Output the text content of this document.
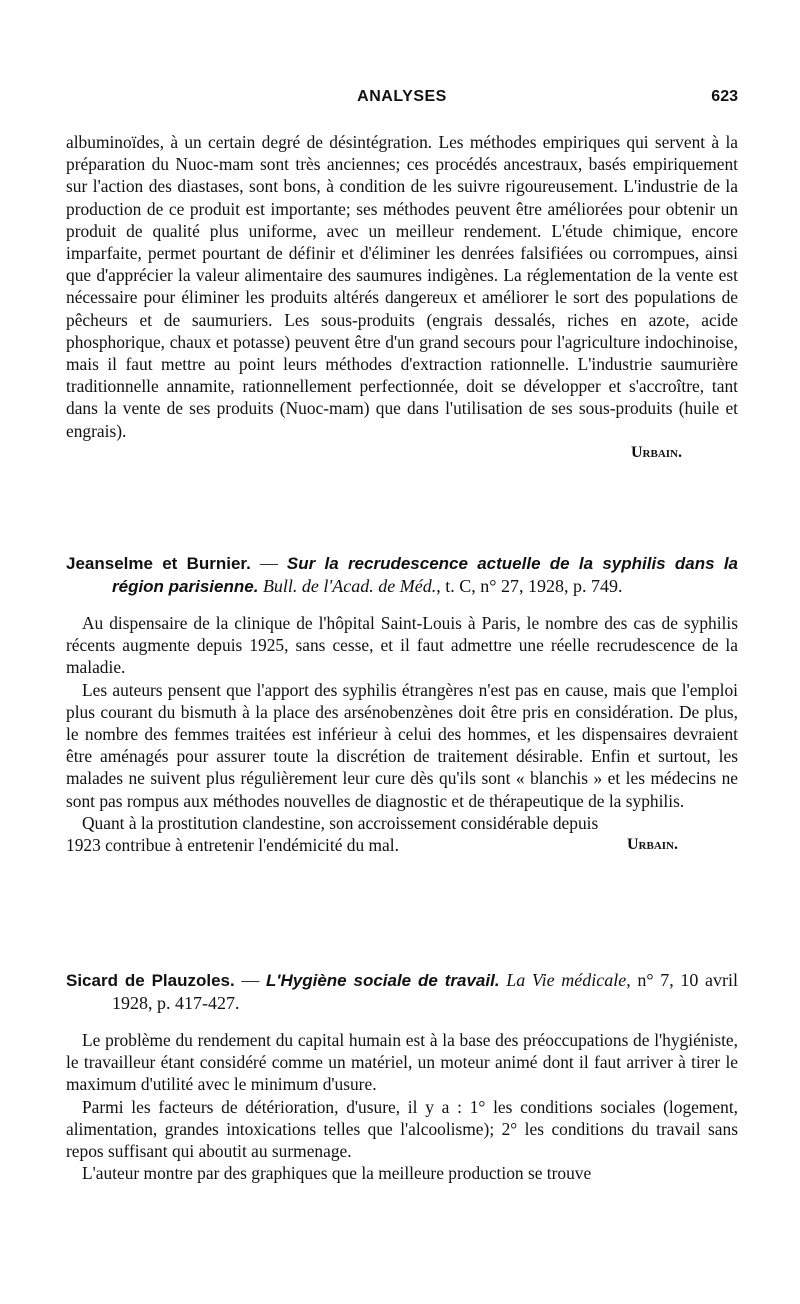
ANALYSES	623

albuminoïdes, à un certain degré de désintégration. Les méthodes empiriques qui servent à la préparation du Nuoc-mam sont très anciennes; ces procédés ancestraux, basés empiriquement sur l'action des diastases, sont bons, à condition de les suivre rigoureusement. L'industrie de la production de ce produit est importante; ses méthodes peuvent être améliorées pour obtenir un produit de qualité plus uniforme, avec un meilleur rendement. L'étude chimique, encore imparfaite, permet pourtant de définir et d'éliminer les denrées falsifiées ou corrompues, ainsi que d'apprécier la valeur alimentaire des saumures indigènes. La réglementation de la vente est nécessaire pour éliminer les produits altérés dangereux et améliorer le sort des populations de pêcheurs et de saumuriers. Les sous-produits (engrais dessalés, riches en azote, acide phosphorique, chaux et potasse) peuvent être d'un grand secours pour l'agriculture indochinoise, mais il faut mettre au point leurs méthodes d'extraction rationnelle. L'industrie saumurière traditionnelle annamite, rationnellement perfectionnée, doit se développer et s'accroître, tant dans la vente de ses produits (Nuoc-mam) que dans l'utilisation de ses sous-produits (huile et engrais).

Urbain.

Jeanselme et Burnier. — Sur la recrudescence actuelle de la syphilis dans la région parisienne. Bull. de l'Acad. de Méd., t. C, n° 27, 1928, p. 749.

Au dispensaire de la clinique de l'hôpital Saint-Louis à Paris, le nombre des cas de syphilis récents augmente depuis 1925, sans cesse, et il faut admettre une réelle recrudescence de la maladie.

Les auteurs pensent que l'apport des syphilis étrangères n'est pas en cause, mais que l'emploi plus courant du bismuth à la place des arsénobenzènes doit être pris en considération. De plus, le nombre des femmes traitées est inférieur à celui des hommes, et les dispensaires devraient être aménagés pour assurer toute la discrétion de traitement désirable. Enfin et surtout, les malades ne suivent plus régulièrement leur cure dès qu'ils sont « blanchis » et les médecins ne sont pas rompus aux méthodes nouvelles de diagnostic et de thérapeutique de la syphilis.

Quant à la prostitution clandestine, son accroissement considérable depuis

1923 contribue à entretenir l'endémicité du mal.	Urbain.

Sicard de Plauzoles. — L'Hygiène sociale de travail. La Vie médicale, n° 7, 10 avril 1928, p. 417-427.

Le problème du rendement du capital humain est à la base des préoccupations de l'hygiéniste, le travailleur étant considéré comme un matériel, un moteur animé dont il faut arriver à tirer le maximum d'utilité avec le minimum d'usure.

Parmi les facteurs de détérioration, d'usure, il y a : 1° les conditions sociales (logement, alimentation, grandes intoxications telles que l'alcoolisme); 2° les conditions du travail sans repos suffisant qui aboutit au surmenage.

L'auteur montre par des graphiques que la meilleure production se trouve
